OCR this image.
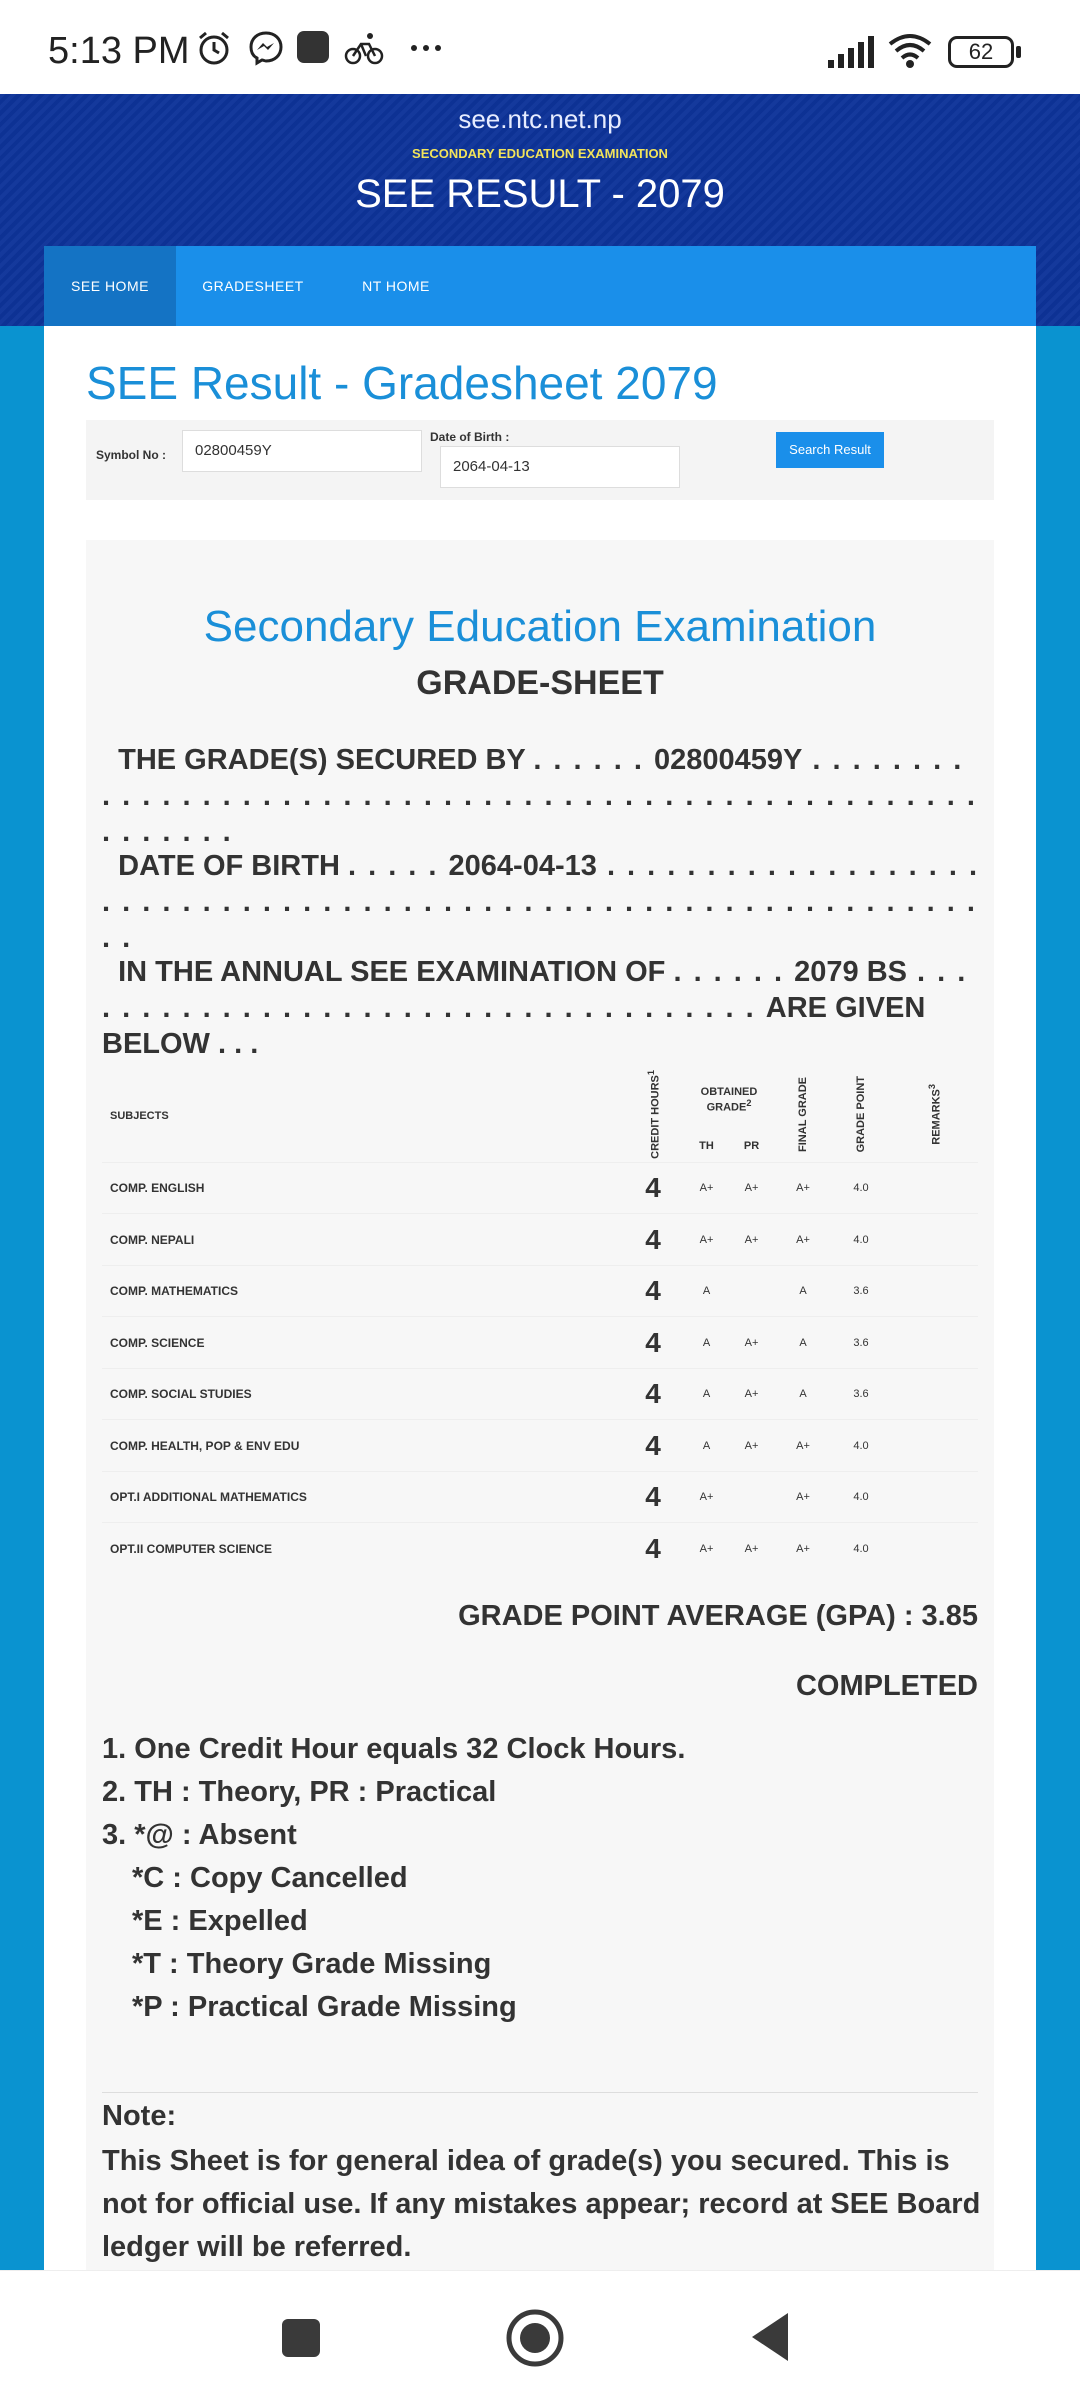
5:13 PM	62
see.ntc.net.np
SECONDARY EDUCATION EXAMINATION
SEE RESULT - 2079
SEE HOME	GRADESHEET	NT HOME
SEE Result - Gradesheet 2079
Symbol No :	02800459Y
Date of Birth :
2064-04-13
Search Result
Secondary Education Examination
GRADE-SHEET
THE GRADE(S) SECURED BY . . . . . . 02800459Y . . . . . . . . . . . . . . . . . . . . . . . . . . . . . . . . . . . . . . . . . . . . . . . . . . . . . . . . . . .
DATE OF BIRTH . . . . . 2064-04-13 . . . . . . . . . . . . . . . . . . . . . . . . . . . . . . . . . . . . . . . . . . . . . . . . . . . . . . . . . . . . . . . . .
IN THE ANNUAL SEE EXAMINATION OF . . . . . . 2079 BS . . . . . . . . . . . . . . . . . . . . . . . . . . . . . . . . . . . . ARE GIVEN BELOW . . .
SUBJECTS	CREDIT HOURS$^1$	OBTAINED GRADE$^2$		FINAL GRADE	GRADE POINT	REMARKS$^3$
		TH	PR			
COMP. ENGLISH	4	A+	A+	A+	4.0	
COMP. NEPALI	4	A+	A+	A+	4.0	
COMP. MATHEMATICS	4	A		A	3.6	
COMP. SCIENCE	4	A	A+	A	3.6	
COMP. SOCIAL STUDIES	4	A	A+	A	3.6	
COMP. HEALTH, POP & ENV EDU	4	A	A+	A+	4.0	
OPT.I ADDITIONAL MATHEMATICS	4	A+		A+	4.0	
OPT.II COMPUTER SCIENCE	4	A+	A+	A+	4.0	
GRADE POINT AVERAGE (GPA) : 3.85
COMPLETED
1. One Credit Hour equals 32 Clock Hours.
2. TH : Theory, PR : Practical
3. *@ : Absent
*C : Copy Cancelled
*E : Expelled
*T : Theory Grade Missing
*P : Practical Grade Missing
Note:
This Sheet is for general idea of grade(s) you secured. This is not for official use. If any mistakes appear; record at SEE Board ledger will be referred.
